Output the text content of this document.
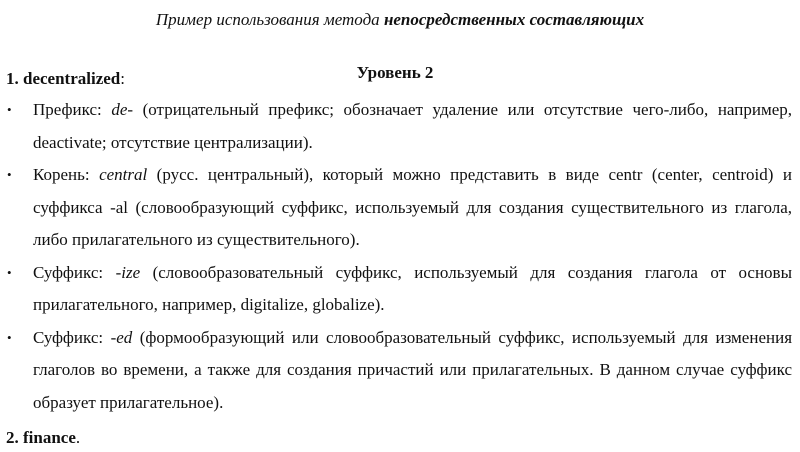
Пример использования метода непосредственных составляющих
Уровень 2
1. decentralized:
• Префикс: de- (отрицательный префикс; обозначает удаление или отсутствие чего-либо, например, deactivate; отсутствие централизации).
• Корень: central (русс. центральный), который можно представить в виде centr (center, centroid) и суффикса -al (словообразующий суффикс, используемый для создания существительного из глагола, либо прилагательного из существительного).
• Суффикс: -ize (словообразовательный суффикс, используемый для создания глагола от основы прилагательного, например, digitalize, globalize).
• Суффикс: -ed (формообразующий или словообразовательный суффикс, используемый для изменения глаголов во времени, а также для создания причастий или прилагательных. В данном случае суффикс образует прилагательное).
2. finance.
